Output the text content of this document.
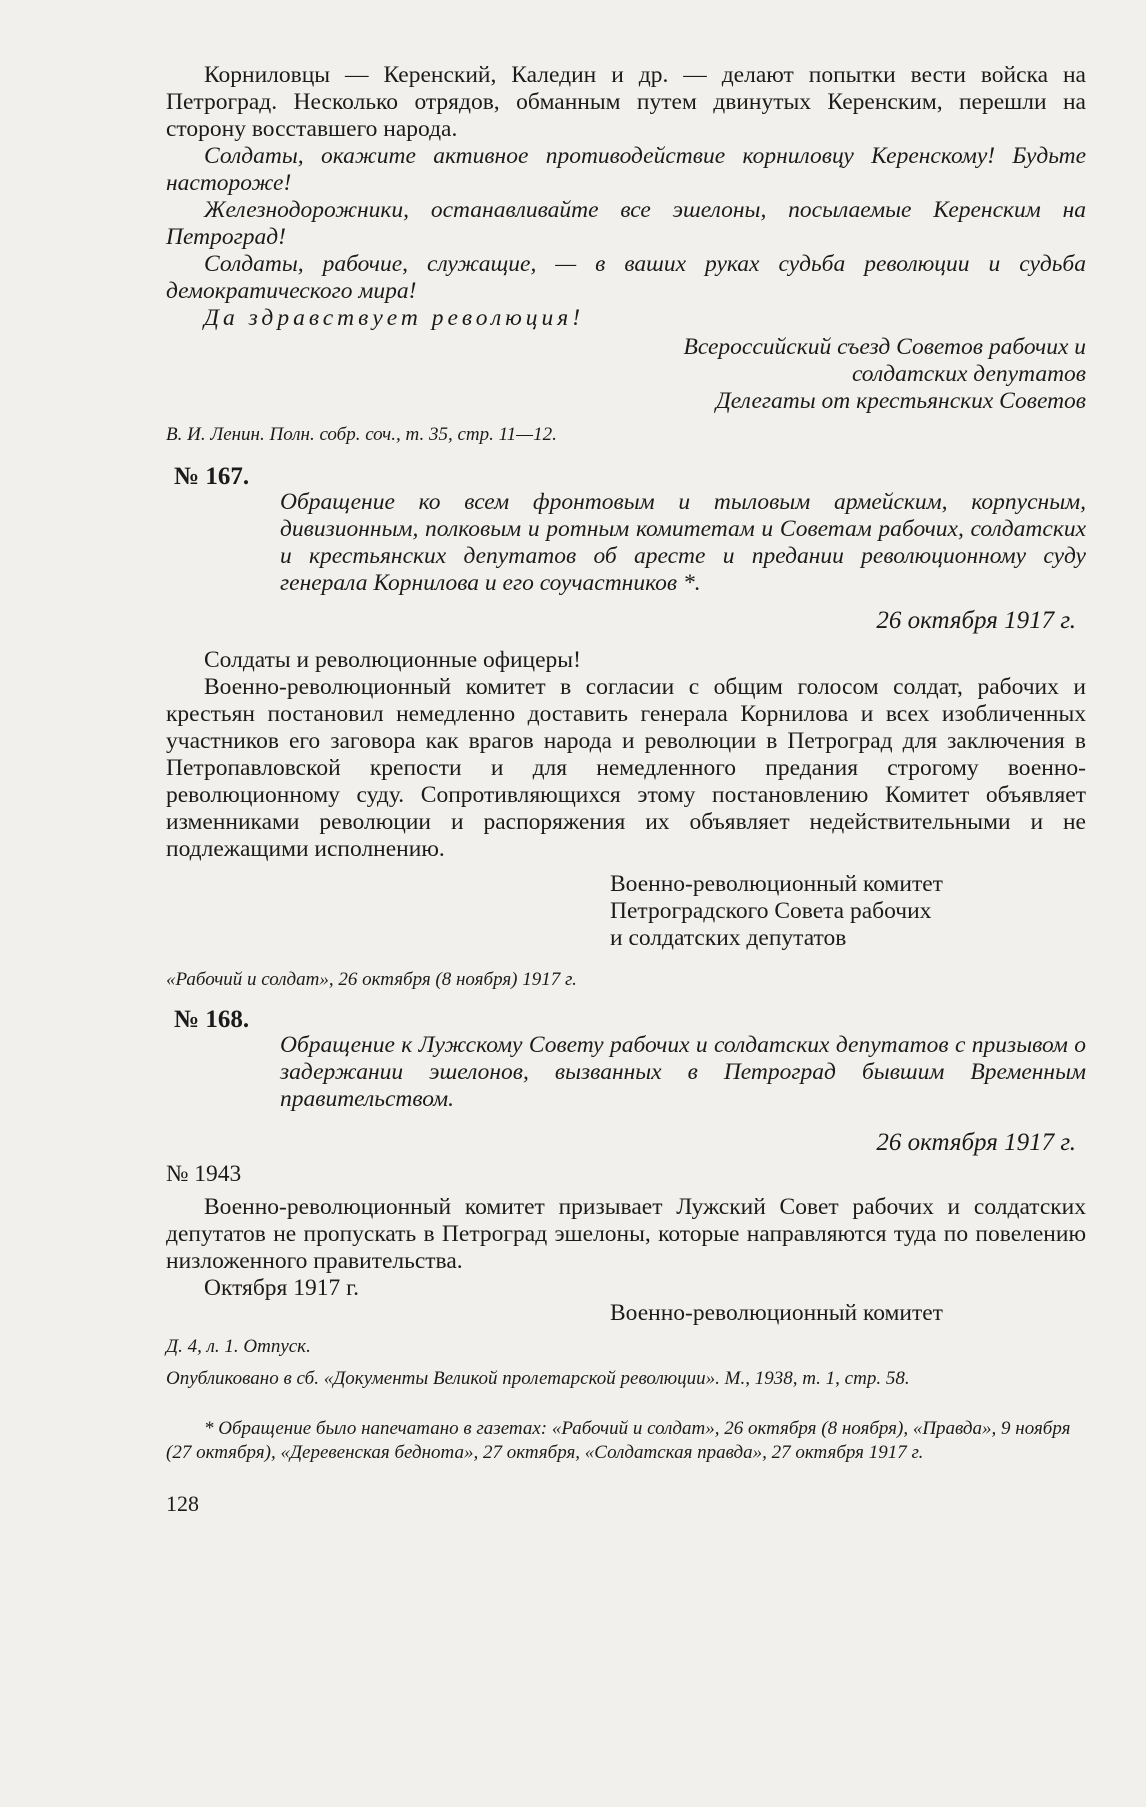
Корниловцы — Керенский, Каледин и др. — делают попытки вести войска на Петроград. Несколько отрядов, обманным путем двинутых Керенским, перешли на сторону восставшего народа.

Солдаты, окажите активное противодействие корниловцу Керенскому! Будьте настороже!

Железнодорожники, останавливайте все эшелоны, посылаемые Керенским на Петроград!

Солдаты, рабочие, служащие, — в ваших руках судьба революции и судьба демократического мира!

Да здравствует революция!

Всероссийский съезд Советов рабочих и

солдатских депутатов

Делегаты от крестьянских Советов

В. И. Ленин. Полн. собр. соч., т. 35, стр. 11—12.

№ 167.

Обращение ко всем фронтовым и тыловым армейским, корпусным, дивизионным, полковым и ротным комитетам и Советам рабочих, солдатских и крестьянских депутатов об аресте и предании революционному суду генерала Корнилова и его соучастников *.

26 октября 1917 г.

Солдаты и революционные офицеры!

Военно-революционный комитет в согласии с общим голосом солдат, рабочих и крестьян постановил немедленно доставить генерала Корнилова и всех изобличенных участников его заговора как врагов народа и революции в Петроград для заключения в Петропавловской крепости и для немедленного предания строгому военно-революционному суду. Сопротивляющихся этому постановлению Комитет объявляет изменниками революции и распоряжения их объявляет недействительными и не подлежащими исполнению.

Военно-революционный комитет

Петроградского Совета рабочих

и солдатских депутатов

«Рабочий и солдат», 26 октября (8 ноября) 1917 г.

№ 168.

Обращение к Лужскому Совету рабочих и солдатских депутатов с призывом о задержании эшелонов, вызванных в Петроград бывшим Временным правительством.

26 октября 1917 г.

№ 1943

Военно-революционный комитет призывает Лужский Совет рабочих и солдатских депутатов не пропускать в Петроград эшелоны, которые направляются туда по повелению низложенного правительства.

Октября 1917 г.

Военно-революционный комитет

Д. 4, л. 1. Отпуск.

Опубликовано в сб. «Документы Великой пролетарской революции». М., 1938, т. 1, стр. 58.

* Обращение было напечатано в газетах: «Рабочий и солдат», 26 октября (8 ноября), «Правда», 9 ноября (27 октября), «Деревенская беднота», 27 октября, «Солдатская правда», 27 октября 1917 г.

128
